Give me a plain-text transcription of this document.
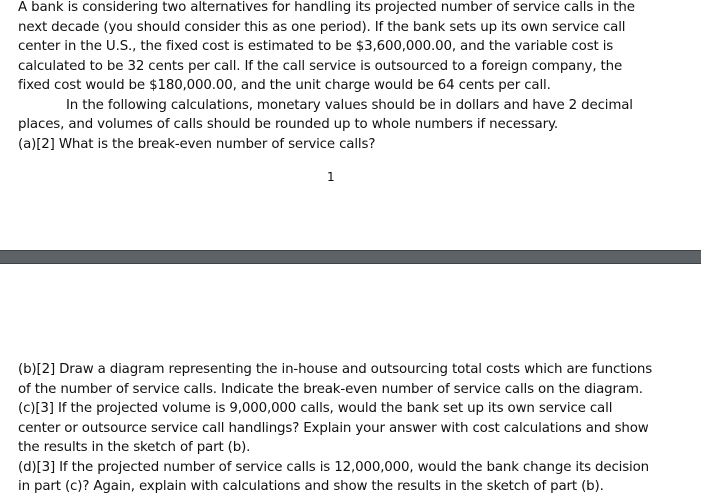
A bank is considering two alternatives for handling its projected number of service calls in the
next decade (you should consider this as one period). If the bank sets up its own service call
center in the U.S., the fixed cost is estimated to be $3,600,000.00, and the variable cost is
calculated to be 32 cents per call. If the call service is outsourced to a foreign company, the
fixed cost would be $180,000.00, and the unit charge would be 64 cents per call.
In the following calculations, monetary values should be in dollars and have 2 decimal
places, and volumes of calls should be rounded up to whole numbers if necessary.
(a)[2] What is the break-even number of service calls?
1
(b)[2] Draw a diagram representing the in-house and outsourcing total costs which are functions
of the number of service calls. Indicate the break-even number of service calls on the diagram.
(c)[3] If the projected volume is 9,000,000 calls, would the bank set up its own service call
center or outsource service call handlings? Explain your answer with cost calculations and show
the results in the sketch of part (b).
(d)[3] If the projected number of service calls is 12,000,000, would the bank change its decision
in part (c)? Again, explain with calculations and show the results in the sketch of part (b).
